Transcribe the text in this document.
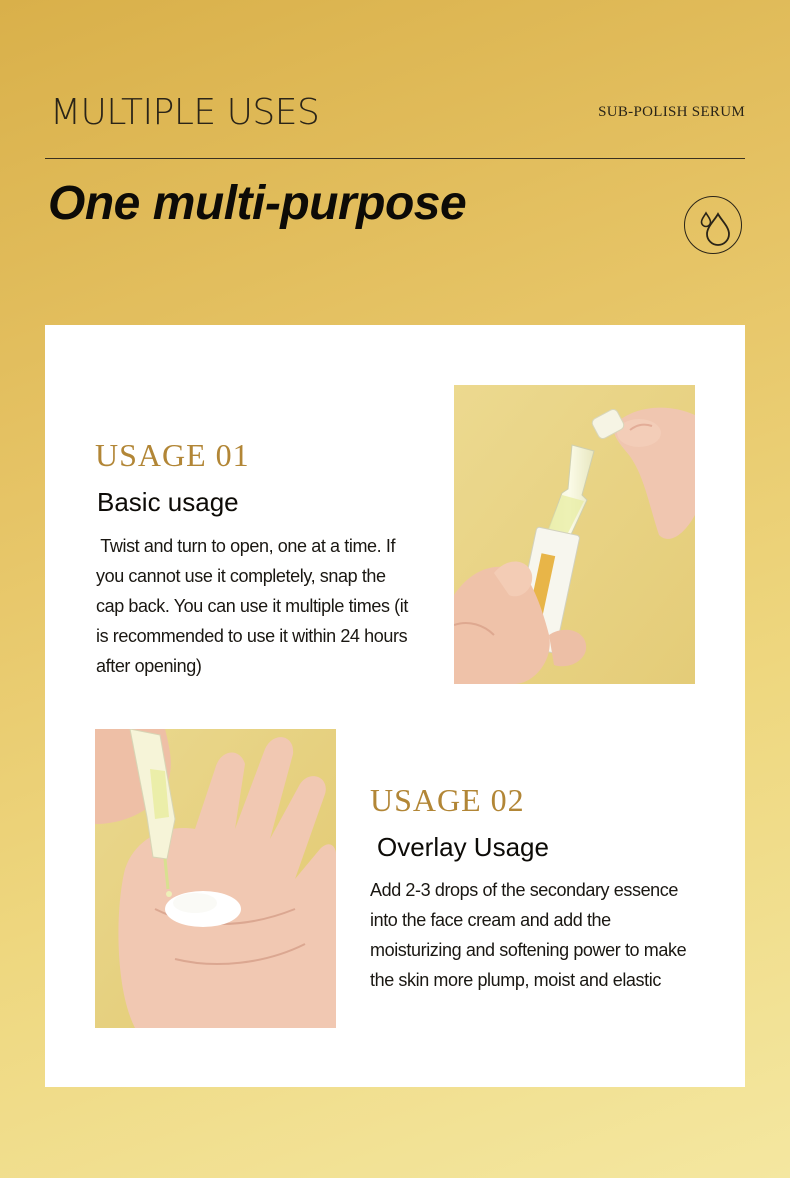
MULTIPLE USES	SUB-POLISH SERUM
One multi-purpose
USAGE 01
Basic usage
Twist and turn to open, one at a time. If
you cannot use it completely, snap the
cap back. You can use it multiple times (it
is recommended to use it within 24 hours
after opening)
USAGE 02
Overlay Usage
Add 2-3 drops of the secondary essence
into the face cream and add the
moisturizing and softening power to make
the skin more plump, moist and elastic
